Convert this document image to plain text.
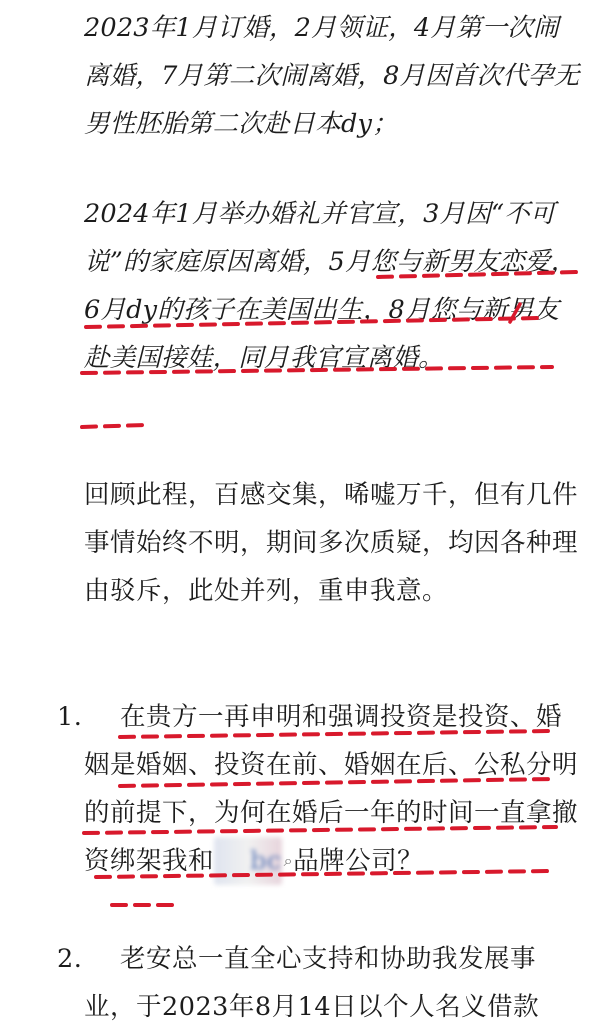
2023年1月订婚，2月领证，4月第一次闹离婚，7月第二次闹离婚，8月因首次代孕无男性胚胎第二次赴日本dy；
2024年1月举办婚礼并官宣，3月因“不可说”的家庭原因离婚，5月您与新男友恋爱，6月dy的孩子在美国出生，8月您与新男友赴美国接娃，同月我官宣离婚。
回顾此程，百感交集，唏嘘万千，但有几件事情始终不明，期间多次质疑，均因各种理由驳斥，此处并列，重申我意。
1.	在贵方一再申明和强调投资是投资、婚姻是婚姻、投资在前、婚姻在后、公私分明的前提下，为何在婚后一年的时间一直拿撤资绑架我和 bc ⌕品牌公司？
2.	老安总一直全心支持和协助我发展事业，于2023年8月14日以个人名义借款
